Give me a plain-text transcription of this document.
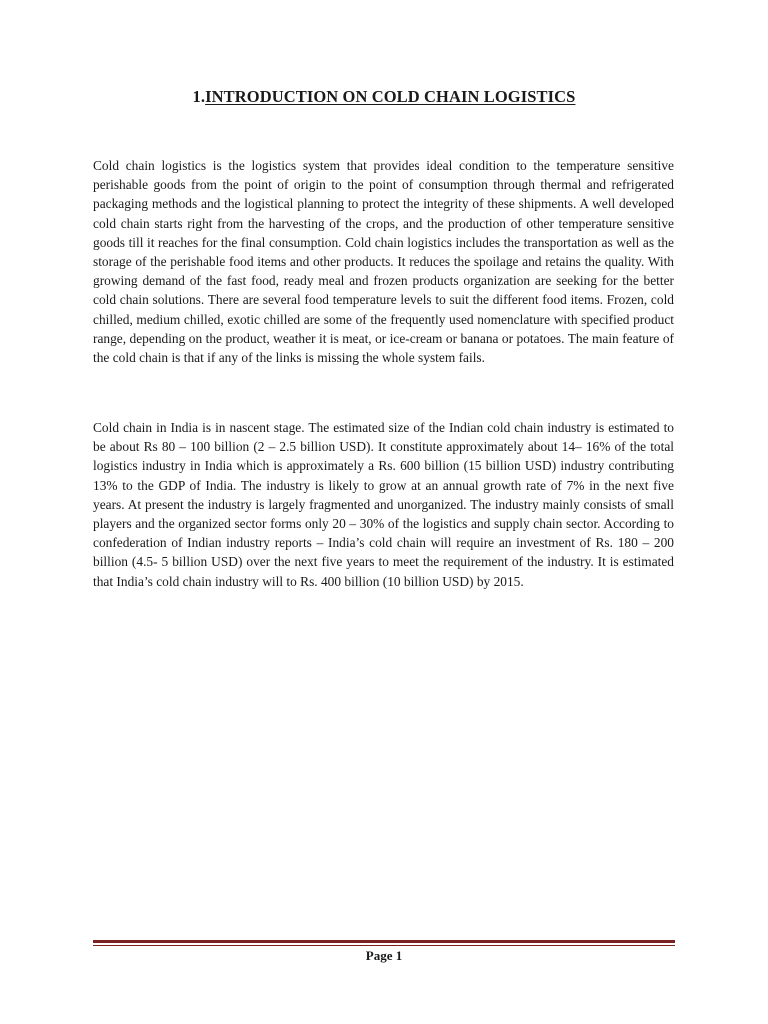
1.INTRODUCTION ON COLD CHAIN LOGISTICS

Cold chain logistics is the logistics system that provides ideal condition to the temperature sensitive perishable goods from the point of origin to the point of consumption through thermal and refrigerated packaging methods and the logistical planning to protect the integrity of these shipments. A well developed cold chain starts right from the harvesting of the crops, and the production of other temperature sensitive goods till it reaches for the final consumption. Cold chain logistics includes the transportation as well as the storage of the perishable food items and other products. It reduces the spoilage and retains the quality. With growing demand of the fast food, ready meal and frozen products organization are seeking for the better cold chain solutions. There are several food temperature levels to suit the different food items. Frozen, cold chilled, medium chilled, exotic chilled are some of the frequently used nomenclature with specified product range, depending on the product, weather it is meat, or ice-cream or banana or potatoes. The main feature of the cold chain is that if any of the links is missing the whole system fails.

Cold chain in India is in nascent stage. The estimated size of the Indian cold chain industry is estimated to be about Rs 80 – 100 billion (2 – 2.5 billion USD). It constitute approximately about 14– 16% of the total logistics industry in India which is approximately a Rs. 600 billion (15 billion USD) industry contributing 13% to the GDP of India. The industry is likely to grow at an annual growth rate of 7% in the next five years. At present the industry is largely fragmented and unorganized. The industry mainly consists of small players and the organized sector forms only 20 – 30% of the logistics and supply chain sector. According to confederation of Indian industry reports – India’s cold chain will require an investment of Rs. 180 – 200 billion (4.5- 5 billion USD) over the next five years to meet the requirement of the industry. It is estimated that India’s cold chain industry will to Rs. 400 billion (10 billion USD) by 2015.

Page 1
